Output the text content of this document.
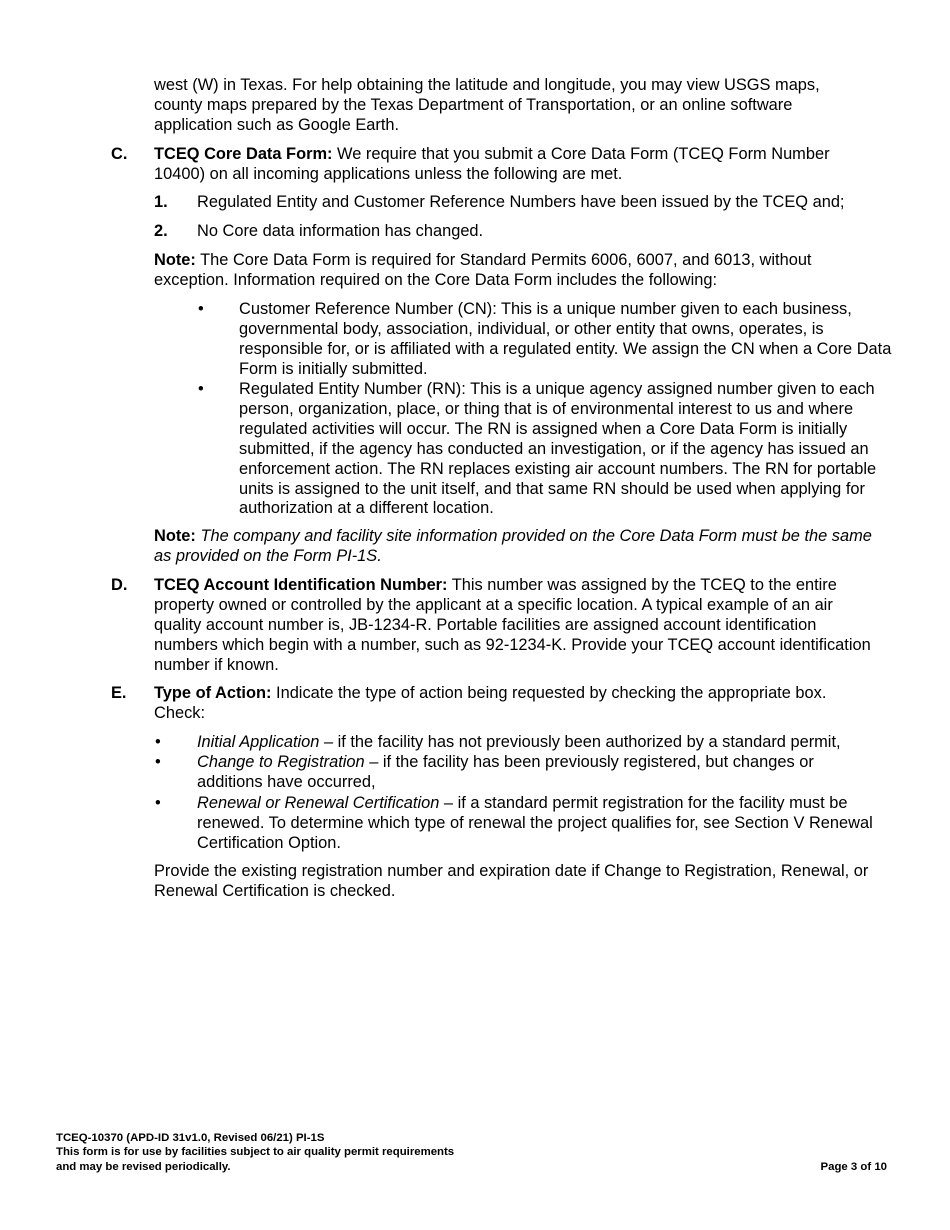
west (W) in Texas. For help obtaining the latitude and longitude, you may view USGS maps, county maps prepared by the Texas Department of Transportation, or an online software application such as Google Earth.

C. TCEQ Core Data Form: We require that you submit a Core Data Form (TCEQ Form Number 10400) on all incoming applications unless the following are met.

1. Regulated Entity and Customer Reference Numbers have been issued by the TCEQ and;

2. No Core data information has changed.

Note: The Core Data Form is required for Standard Permits 6006, 6007, and 6013, without exception. Information required on the Core Data Form includes the following:

• Customer Reference Number (CN): This is a unique number given to each business, governmental body, association, individual, or other entity that owns, operates, is responsible for, or is affiliated with a regulated entity. We assign the CN when a Core Data Form is initially submitted.

• Regulated Entity Number (RN): This is a unique agency assigned number given to each person, organization, place, or thing that is of environmental interest to us and where regulated activities will occur. The RN is assigned when a Core Data Form is initially submitted, if the agency has conducted an investigation, or if the agency has issued an enforcement action. The RN replaces existing air account numbers. The RN for portable units is assigned to the unit itself, and that same RN should be used when applying for authorization at a different location.

Note: The company and facility site information provided on the Core Data Form must be the same as provided on the Form PI-1S.

D. TCEQ Account Identification Number: This number was assigned by the TCEQ to the entire property owned or controlled by the applicant at a specific location. A typical example of an air quality account number is, JB-1234-R. Portable facilities are assigned account identification numbers which begin with a number, such as 92-1234-K. Provide your TCEQ account identification number if known.

E. Type of Action: Indicate the type of action being requested by checking the appropriate box. Check:

• Initial Application – if the facility has not previously been authorized by a standard permit,

• Change to Registration – if the facility has been previously registered, but changes or additions have occurred,

• Renewal or Renewal Certification – if a standard permit registration for the facility must be renewed. To determine which type of renewal the project qualifies for, see Section V Renewal Certification Option.

Provide the existing registration number and expiration date if Change to Registration, Renewal, or Renewal Certification is checked.

TCEQ-10370 (APD-ID 31v1.0, Revised 06/21) PI-1S
This form is for use by facilities subject to air quality permit requirements
and may be revised periodically.	Page 3 of 10
